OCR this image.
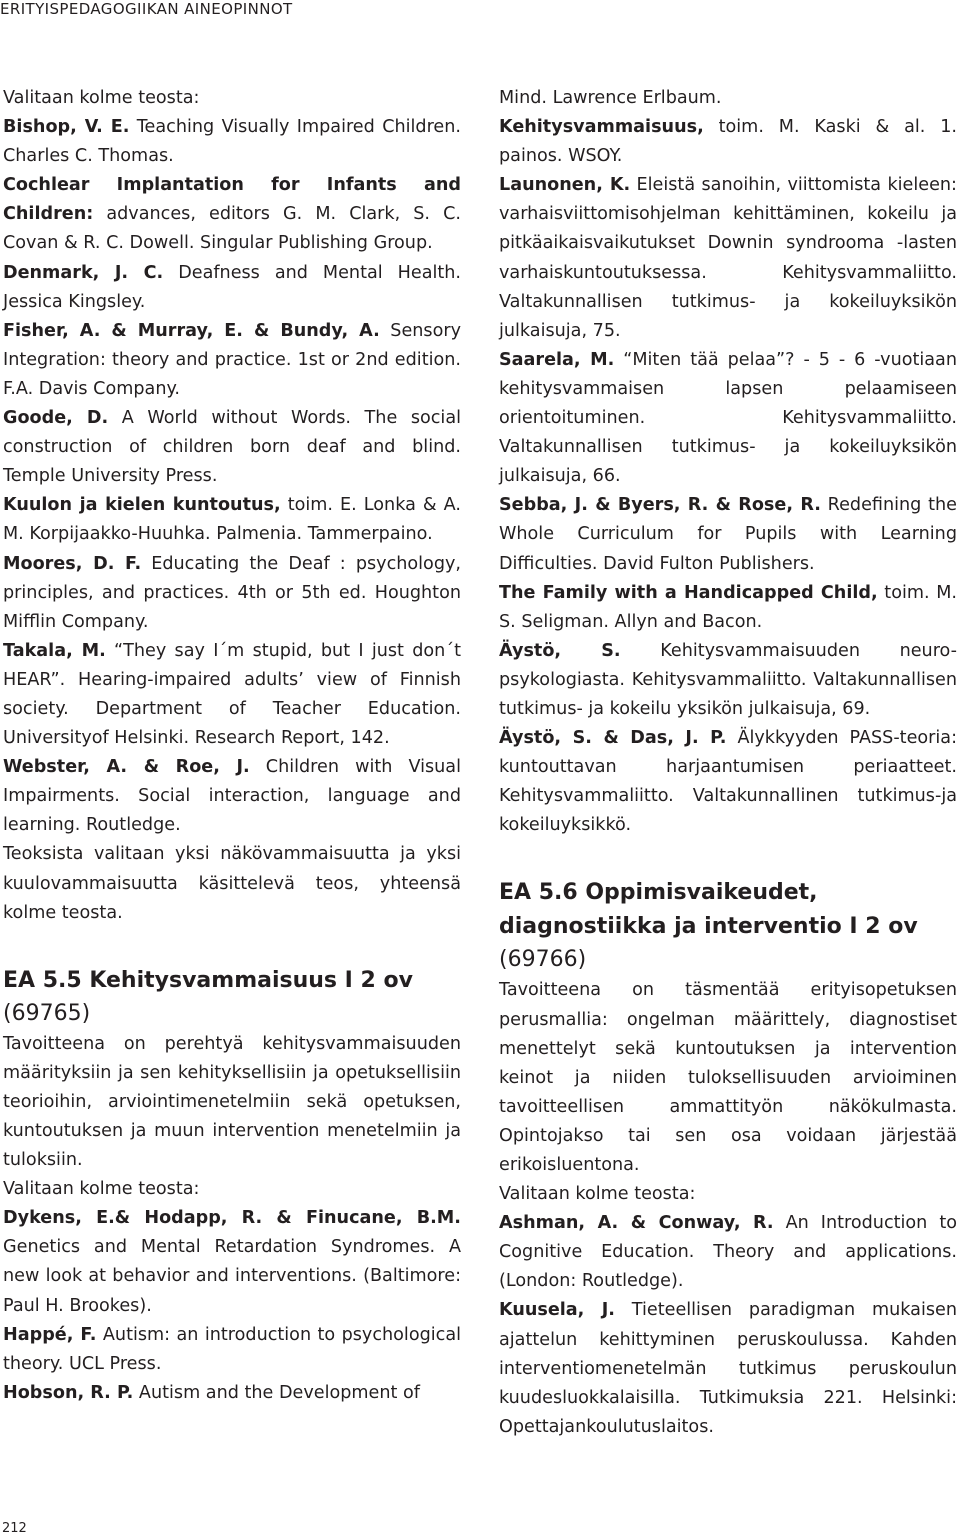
ERITYISPEDAGOGIIKAN AINEOPINNOT

Valitaan kolme teosta:

Bishop, V. E. Teaching Visually Impaired Children. Charles C. Thomas.

Cochlear Implantation for Infants and Children: advances, editors G. M. Clark, S. C. Covan & R. C. Dowell. Singular Publishing Group.

Denmark, J. C. Deafness and Mental Health. Jessica Kingsley.

Fisher, A. & Murray, E. & Bundy, A. Sensory Integration: theory and practice. 1st or 2nd edition. F.A. Davis Company.

Goode, D. A World without Words. The social construction of children born deaf and blind. Temple University Press.

Kuulon ja kielen kuntoutus, toim. E. Lonka & A. M. Korpijaakko-Huuhka. Palmenia. Tammerpaino.

Moores, D. F. Educating the Deaf : psychology, principles, and practices. 4th or 5th ed. Houghton Mifflin Company.

Takala, M. “They say I´m stupid, but I just don´t HEAR”. Hearing-impaired adults’ view of Finnish society. Department of Teacher Education. Universityof Helsinki. Research Report, 142.

Webster, A. & Roe, J. Children with Visual Impairments. Social interaction, language and learning. Routledge.

Teoksista valitaan yksi näkövammaisuutta ja yksi kuulovammaisuutta käsittelevä teos, yhteensä kolme teosta.

EA 5.5 Kehitysvammaisuus I 2 ov

(69765)

Tavoitteena on perehtyä kehitysvammaisuuden määrityksiin ja sen kehityksellisiin ja opetuksellisiin teorioihin, arviointimenetelmiin sekä opetuksen, kuntoutuksen ja muun intervention menetelmiin ja tuloksiin.

Valitaan kolme teosta:

Dykens, E.& Hodapp, R. & Finucane, B.M. Genetics and Mental Retardation Syndromes. A new look at behavior and interventions. (Baltimore: Paul H. Brookes).

Happé, F. Autism: an introduction to psychological theory. UCL Press.

Hobson, R. P. Autism and the Development of

Mind. Lawrence Erlbaum.

Kehitysvammaisuus, toim. M. Kaski & al. 1. painos. WSOY.

Launonen, K. Eleistä sanoihin, viittomista kieleen: varhaisviittomisohjelman kehittäminen, kokeilu ja pitkäaikaisvaikutukset Downin syndrooma -lasten varhaiskuntoutuksessa. Kehitysvammaliitto. Valtakunnallisen tutkimus- ja kokeiluyksikön julkaisuja, 75.

Saarela, M. “Miten tää pelaa”? - 5 - 6 -vuotiaan kehitysvammaisen lapsen pelaamiseen orientoituminen. Kehitysvammaliitto. Valtakunnallisen tutkimus- ja kokeiluyksikön julkaisuja, 66.

Sebba, J. & Byers, R. & Rose, R. Redefining the Whole Curriculum for Pupils with Learning Difficulties. David Fulton Publishers.

The Family with a Handicapped Child, toim. M. S. Seligman. Allyn and Bacon.

Äystö, S. Kehitysvammaisuuden neuro-psykologiasta. Kehitysvammaliitto. Valtakunnallisen tutkimus- ja kokeilu yksikön julkaisuja, 69.

Äystö, S. & Das, J. P. Älykkyyden PASS-teoria: kuntouttavan harjaantumisen periaatteet. Kehitysvammaliitto. Valtakunnallinen tutkimus-ja kokeiluyksikkö.

EA 5.6 Oppimisvaikeudet, diagnostiikka ja interventio I 2 ov

(69766)

Tavoitteena on täsmentää erityisopetuksen perusmallia: ongelman määrittely, diagnostiset menettelyt sekä kuntoutuksen ja intervention keinot ja niiden tuloksellisuuden arvioiminen tavoitteellisen ammattityön näkökulmasta. Opintojakso tai sen osa voidaan järjestää erikoisluentona.

Valitaan kolme teosta:

Ashman, A. & Conway, R. An Introduction to Cognitive Education. Theory and applications. (London: Routledge).

Kuusela, J. Tieteellisen paradigman mukaisen ajattelun kehittyminen peruskoulussa. Kahden interventiomenetelmän tutkimus peruskoulun kuudesluokkalaisilla. Tutkimuksia 221. Helsinki: Opettajankoulutuslaitos.

212
